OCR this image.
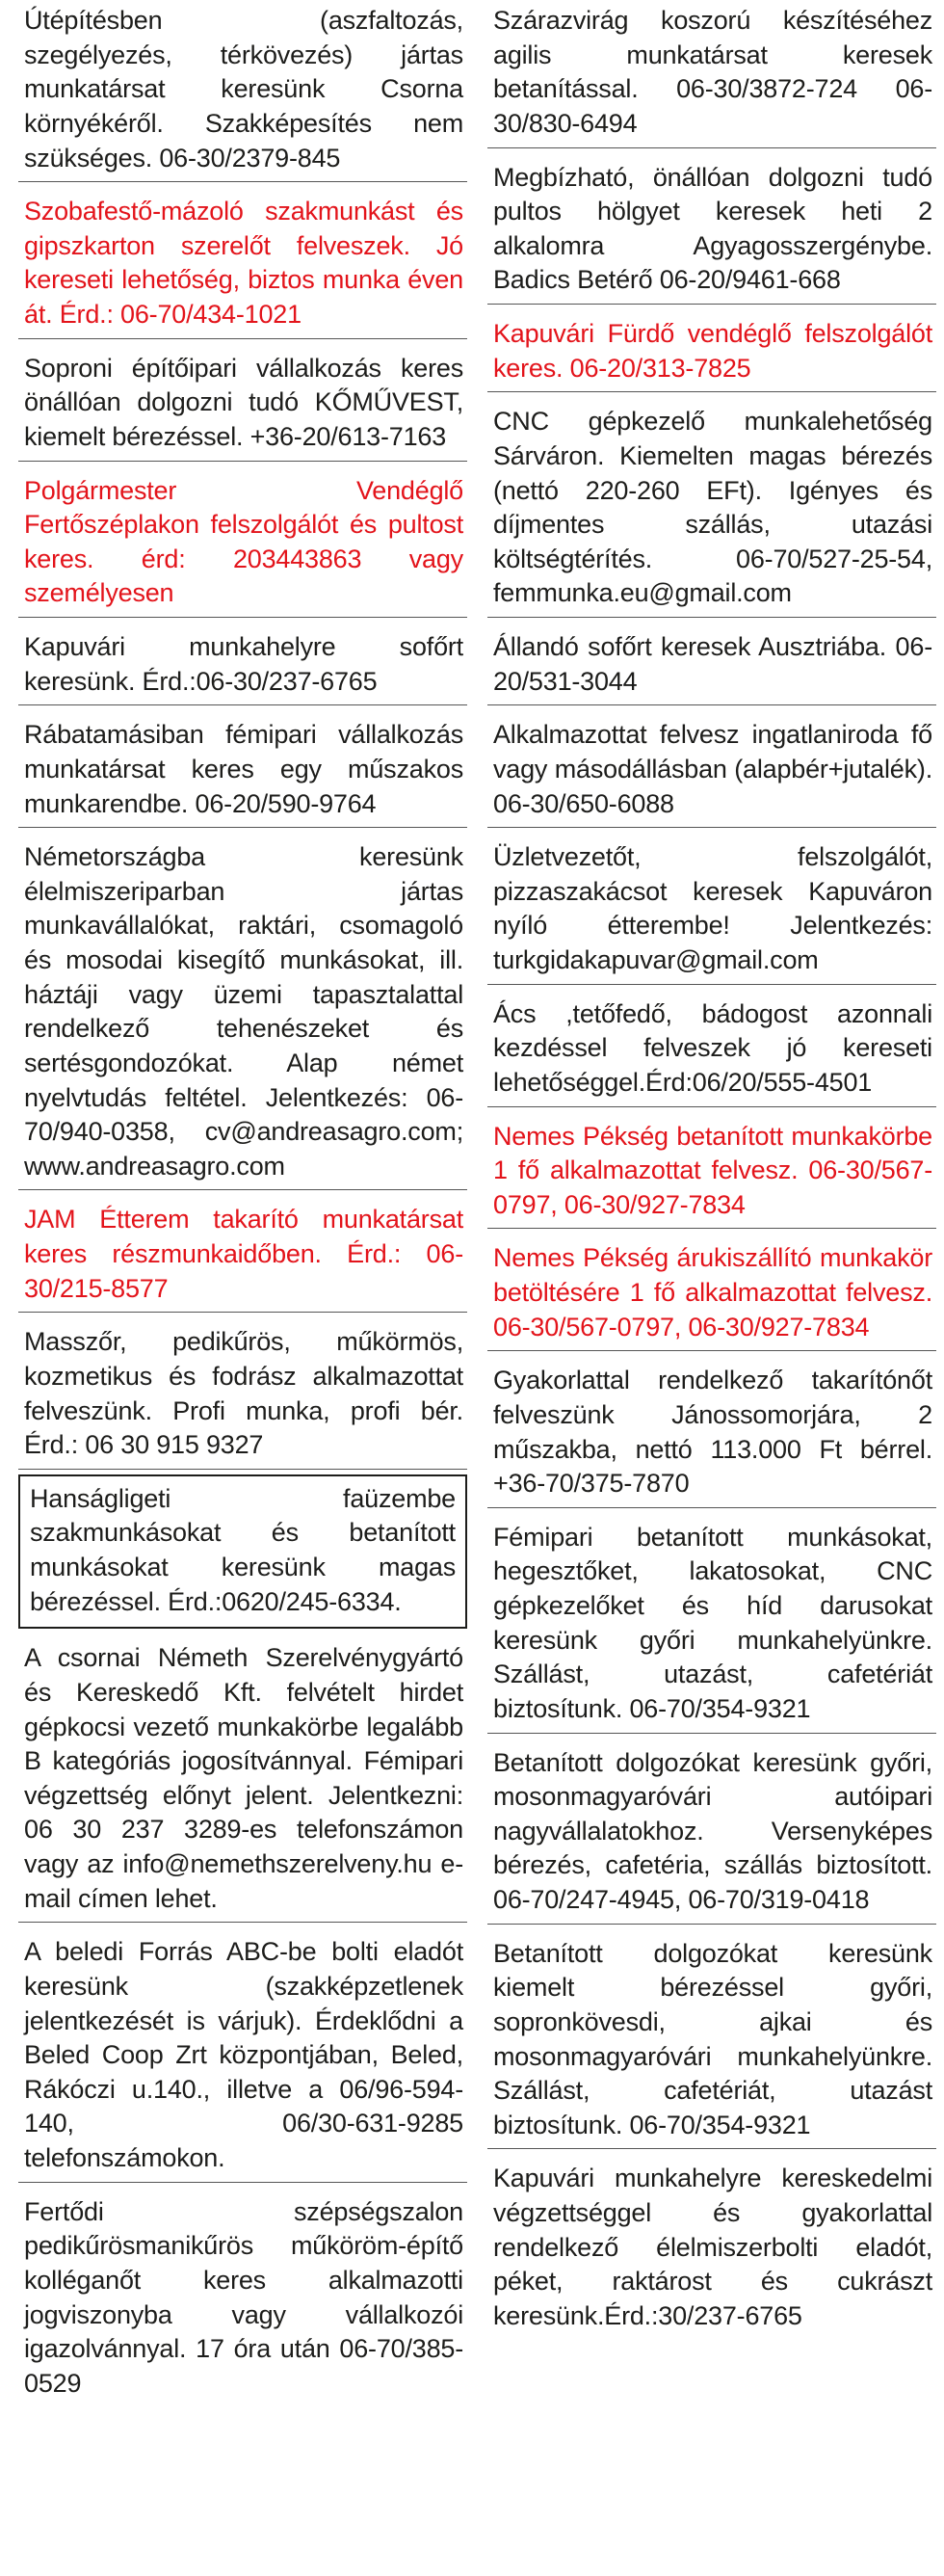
Útépítésben (aszfaltozás, szegélyezés, térkövezés) jártas munkatársat keresünk Csorna környékéről. Szakképesítés nem szükséges. 06-30/2379-845
Szobafestő-mázoló szakmunkást és gipszkarton szerelőt felveszek. Jó kereseti lehetőség, biztos munka éven át. Érd.: 06-70/434-1021
Soproni építőipari vállalkozás keres önállóan dolgozni tudó KŐMŰVEST, kiemelt bérezéssel. +36-20/613-7163
Polgármester Vendéglő Fertőszéplakon felszolgálót és pultost keres. érd: 203443863 vagy személyesen
Kapuvári munkahelyre sofőrt keresünk. Érd.:06-30/237-6765
Rábatamásiban fémipari vállalkozás munkatársat keres egy műszakos munkarendbe. 06-20/590-9764
Németországba keresünk élelmiszeriparban jártas munkavállalókat, raktári, csomagoló és mosodai kisegítő munkásokat, ill. háztáji vagy üzemi tapasztalattal rendelkező tehenészeket és sertésgondozókat. Alap német nyelvtudás feltétel. Jelentkezés: 06-70/940-0358, cv@andreasagro.com; www.andreasagro.com
JAM Étterem takarító munkatársat keres részmunkaidőben. Érd.: 06-30/215-8577
Masszőr, pedikűrös, műkörmös, kozmetikus és fodrász alkalmazottat felveszünk. Profi munka, profi bér. Érd.: 06 30 915 9327
Hanságligeti faüzembe szakmunkásokat és betanított munkásokat keresünk magas bérezéssel. Érd.:0620/245-6334.
A csornai Németh Szerelvénygyártó és Kereskedő Kft. felvételt hirdet gépkocsi vezető munkakörbe legalább B kategóriás jogosítvánnyal. Fémipari végzettség előnyt jelent. Jelentkezni: 06 30 237 3289-es telefonszámon vagy az info@nemethszerelveny.hu e-mail címen lehet.
A beledi Forrás ABC-be bolti eladót keresünk (szakképzetlenek jelentkezését is várjuk). Érdeklődni a Beled Coop Zrt központjában, Beled, Rákóczi u.140., illetve a 06/96-594-140, 06/30-631-9285 telefonszámokon.
Fertődi szépségszalon pedikűrösmanikűrös műköröm-építő kolléganőt keres alkalmazotti jogviszonyba vagy vállalkozói igazolvánnyal. 17 óra után 06-70/385-0529
Szárazvirág koszorú készítéséhez agilis munkatársat keresek betanítással. 06-30/3872-724 06-30/830-6494
Megbízható, önállóan dolgozni tudó pultos hölgyet keresek heti 2 alkalomra Agyagosszergénybe. Badics Betérő 06-20/9461-668
Kapuvári Fürdő vendéglő felszolgálót keres. 06-20/313-7825
CNC gépkezelő munkalehetőség Sárváron. Kiemelten magas bérezés (nettó 220-260 EFt). Igényes és díjmentes szállás, utazási költségtérítés. 06-70/527-25-54, femmunka.eu@gmail.com
Állandó sofőrt keresek Ausztriába. 06-20/531-3044
Alkalmazottat felvesz ingatlaniroda fő vagy másodállásban (alapbér+jutalék). 06-30/650-6088
Üzletvezetőt, felszolgálót, pizzaszakácsot keresek Kapuváron nyíló étterembe! Jelentkezés: turkgidakapuvar@gmail.com
Ács ,tetőfedő, bádogost azonnali kezdéssel felveszek jó kereseti lehetőséggel.Érd:06/20/555-4501
Nemes Pékség betanított munkakörbe 1 fő alkalmazottat felvesz. 06-30/567-0797, 06-30/927-7834
Nemes Pékség árukiszállító munkakör betöltésére 1 fő alkalmazottat felvesz. 06-30/567-0797, 06-30/927-7834
Gyakorlattal rendelkező takarítónőt felveszünk Jánossomorjára, 2 műszakba, nettó 113.000 Ft bérrel. +36-70/375-7870
Fémipari betanított munkásokat, hegesztőket, lakatosokat, CNC gépkezelőket és híd darusokat keresünk győri munkahelyünkre. Szállást, utazást, cafetériát biztosítunk. 06-70/354-9321
Betanított dolgozókat keresünk győri, mosonmagyaróvári autóipari nagyvállalatokhoz. Versenyképes bérezés, cafetéria, szállás biztosított. 06-70/247-4945, 06-70/319-0418
Betanított dolgozókat keresünk kiemelt bérezéssel győri, sopronkövesdi, ajkai és mosonmagyaróvári munkahelyünkre. Szállást, cafetériát, utazást biztosítunk. 06-70/354-9321
Kapuvári munkahelyre kereskedelmi végzettséggel és gyakorlattal rendelkező élelmiszerbolti eladót, péket, raktárost és cukrászt keresünk.Érd.:30/237-6765
